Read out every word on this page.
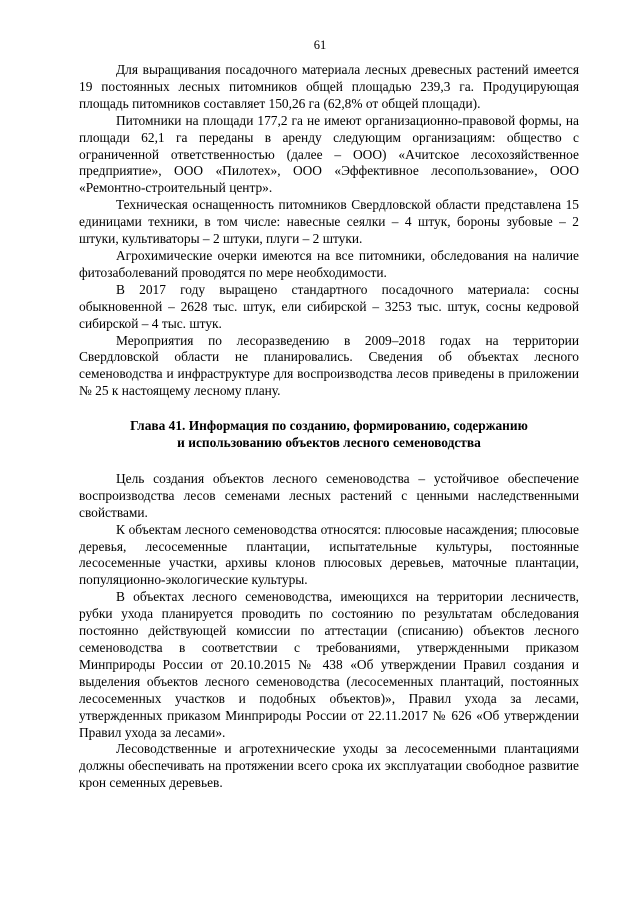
61

Для выращивания посадочного материала лесных древесных растений имеется 19 постоянных лесных питомников общей площадью 239,3 га. Продуцирующая площадь питомников составляет 150,26 га (62,8% от общей площади).

Питомники на площади 177,2 га не имеют организационно-правовой формы, на площади 62,1 га переданы в аренду следующим организациям: общество с ограниченной ответственностью (далее – ООО) «Ачитское лесохозяйственное предприятие», ООО «Пилотех», ООО «Эффективное лесопользование», ООО «Ремонтно-строительный центр».

Техническая оснащенность питомников Свердловской области представлена 15 единицами техники, в том числе: навесные сеялки – 4 штук, бороны зубовые – 2 штуки, культиваторы – 2 штуки, плуги – 2 штуки.

Агрохимические очерки имеются на все питомники, обследования на наличие фитозаболеваний проводятся по мере необходимости.

В 2017 году выращено стандартного посадочного материала: сосны обыкновенной – 2628 тыс. штук, ели сибирской – 3253 тыс. штук, сосны кедровой сибирской – 4 тыс. штук.

Мероприятия по лесоразведению в 2009–2018 годах на территории Свердловской области не планировались. Сведения об объектах лесного семеноводства и инфраструктуре для воспроизводства лесов приведены в приложении № 25 к настоящему лесному плану.

Глава 41. Информация по созданию, формированию, содержанию
и использованию объектов лесного семеноводства

Цель создания объектов лесного семеноводства – устойчивое обеспечение воспроизводства лесов семенами лесных растений с ценными наследственными свойствами.

К объектам лесного семеноводства относятся: плюсовые насаждения; плюсовые деревья, лесосеменные плантации, испытательные культуры, постоянные лесосеменные участки, архивы клонов плюсовых деревьев, маточные плантации, популяционно-экологические культуры.

В объектах лесного семеноводства, имеющихся на территории лесничеств, рубки ухода планируется проводить по состоянию по результатам обследования постоянно действующей комиссии по аттестации (списанию) объектов лесного семеноводства в соответствии с требованиями, утвержденными приказом Минприроды России от 20.10.2015 № 438 «Об утверждении Правил создания и выделения объектов лесного семеноводства (лесосеменных плантаций, постоянных лесосеменных участков и подобных объектов)», Правил ухода за лесами, утвержденных приказом Минприроды России от 22.11.2017 № 626 «Об утверждении Правил ухода за лесами».

Лесоводственные и агротехнические уходы за лесосеменными плантациями должны обеспечивать на протяжении всего срока их эксплуатации свободное развитие крон семенных деревьев.
